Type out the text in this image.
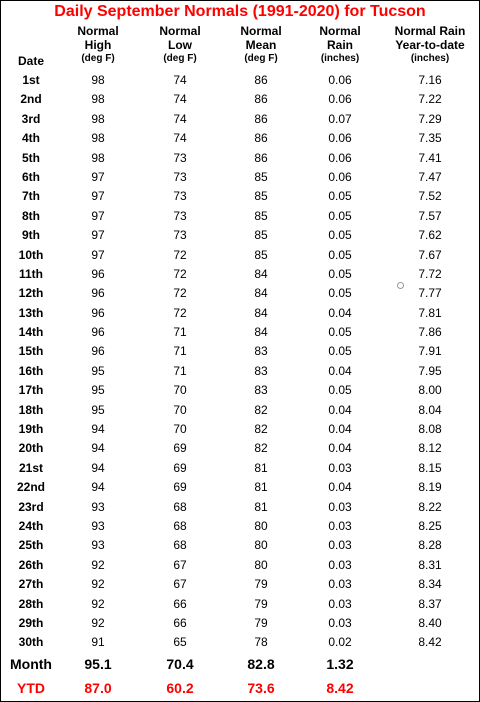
Daily September Normals (1991-2020) for Tucson
Date
Normal
High
(deg F)
Normal
Low
(deg F)
Normal
Mean
(deg F)
Normal
Rain
(inches)
Normal Rain
Year-to-date
(inches)
1st	98	74	86	0.06	7.16
2nd	98	74	86	0.06	7.22
3rd	98	74	86	0.07	7.29
4th	98	74	86	0.06	7.35
5th	98	73	86	0.06	7.41
6th	97	73	85	0.06	7.47
7th	97	73	85	0.05	7.52
8th	97	73	85	0.05	7.57
9th	97	73	85	0.05	7.62
10th	97	72	85	0.05	7.67
11th	96	72	84	0.05	7.72
12th	96	72	84	0.05	7.77
13th	96	72	84	0.04	7.81
14th	96	71	84	0.05	7.86
15th	96	71	83	0.05	7.91
16th	95	71	83	0.04	7.95
17th	95	70	83	0.05	8.00
18th	95	70	82	0.04	8.04
19th	94	70	82	0.04	8.08
20th	94	69	82	0.04	8.12
21st	94	69	81	0.03	8.15
22nd	94	69	81	0.04	8.19
23rd	93	68	81	0.03	8.22
24th	93	68	80	0.03	8.25
25th	93	68	80	0.03	8.28
26th	92	67	80	0.03	8.31
27th	92	67	79	0.03	8.34
28th	92	66	79	0.03	8.37
29th	92	66	79	0.03	8.40
30th	91	65	78	0.02	8.42
Month	95.1	70.4	82.8	1.32
YTD	87.0	60.2	73.6	8.42
